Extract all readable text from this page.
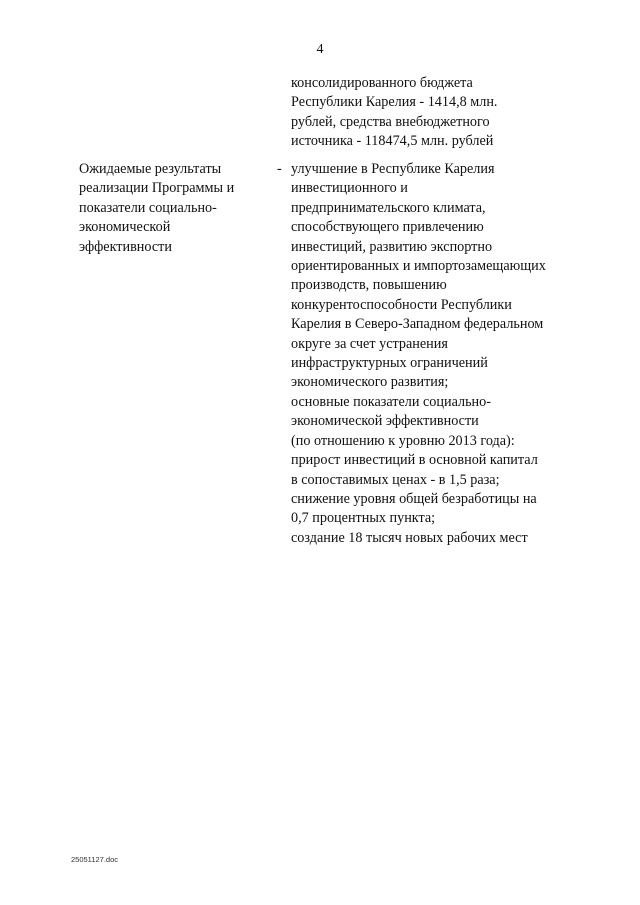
4
консолидированного бюджета
Республики Карелия - 1414,8 млн.
рублей, средства внебюджетного
источника - 118474,5 млн. рублей
Ожидаемые результаты
реализации Программы и
показатели социально-
экономической
эффективности
- улучшение в Республике Карелия
инвестиционного и
предпринимательского климата,
способствующего привлечению
инвестиций, развитию экспортно
ориентированных и импортозамещающих
производств, повышению
конкурентоспособности Республики
Карелия в Северо-Западном федеральном
округе за счет устранения
инфраструктурных ограничений
экономического развития;
основные показатели социально-
экономической эффективности
(по отношению к уровню 2013 года):
прирост инвестиций в основной капитал
в сопоставимых ценах - в 1,5 раза;
снижение уровня общей безработицы на
0,7 процентных пункта;
создание 18 тысяч новых рабочих мест
25051127.doc
